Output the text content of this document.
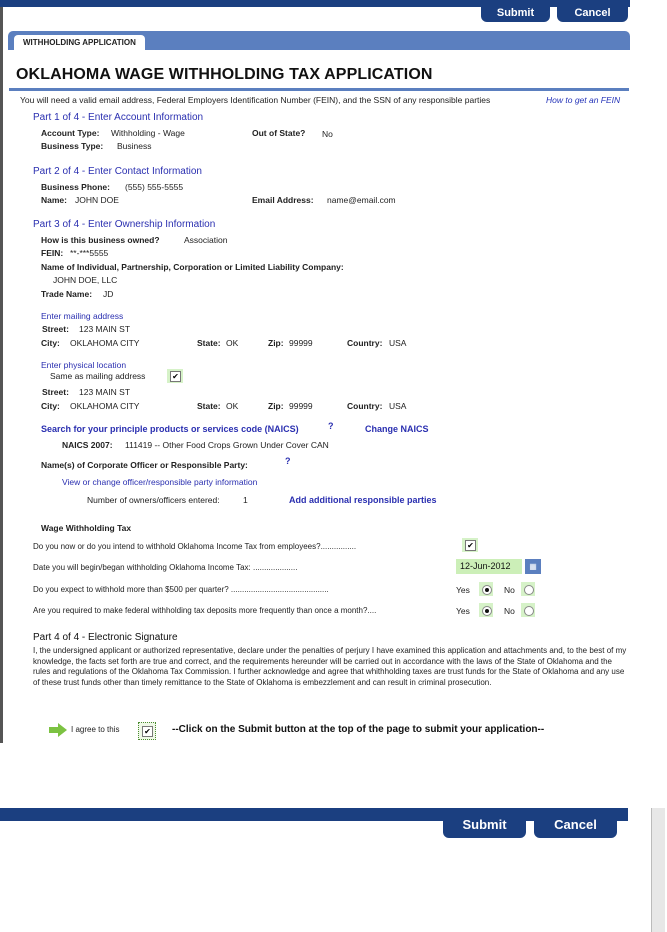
Submit	Cancel
WITHHOLDING APPLICATION
OKLAHOMA WAGE WITHHOLDING TAX APPLICATION
You will need a valid email address, Federal Employers Identification Number (FEIN), and the SSN of any responsible parties	How to get an FEIN
Part 1 of 4 - Enter Account Information
Account Type: Withholding - Wage	Out of State? No
Business Type: Business
Part 2 of 4 - Enter Contact Information
Business Phone: (555) 555-5555
Name: JOHN DOE	Email Address: name@email.com
Part 3 of 4 - Enter Ownership Information
How is this business owned?	Association
FEIN: **-***5555
Name of Individual, Partnership, Corporation or Limited Liability Company:
JOHN DOE, LLC
Trade Name: JD
Enter mailing address
Street: 123 MAIN ST
City: OKLAHOMA CITY	State: OK	Zip: 99999	Country: USA
Enter physical location
Same as mailing address	✔
Street: 123 MAIN ST
City: OKLAHOMA CITY	State: OK	Zip: 99999	Country: USA
Search for your principle products or services code (NAICS)	?	Change NAICS
NAICS 2007: 111419 -- Other Food Crops Grown Under Cover CAN
Name(s) of Corporate Officer or Responsible Party:	?
View or change officer/responsible party information
Number of owners/officers entered:	1	Add additional responsible parties
Wage Withholding Tax
Do you now or do you intend to withhold Oklahoma Income Tax from employees?................	✔
Date you will begin/began withholding Oklahoma Income Tax: ....................	12-Jun-2012	▦
Do you expect to withhold more than $500 per quarter? ............................................	Yes	No
Are you required to make federal withholding tax deposits more frequently than once a month?....	Yes	No
Part 4 of 4 - Electronic Signature
I, the undersigned applicant or authorized representative, declare under the penalties of perjury I have examined this application and attachments and, to the best of my knowledge, the facts set forth are true and correct, and the requirements hereunder will be carried out in accordance with the laws of the State of Oklahoma and the rules and regulations of the Oklahoma Tax Commission. I further acknowledge and agree that whithholding taxes are trust funds for the State of Oklahoma and any use of these trust funds other than timely remittance to the State of Oklahoma is embezzlement and can result in criminal prosecution.
I agree to this	✔ --Click on the Submit button at the top of the page to submit your application--
Submit	Cancel
